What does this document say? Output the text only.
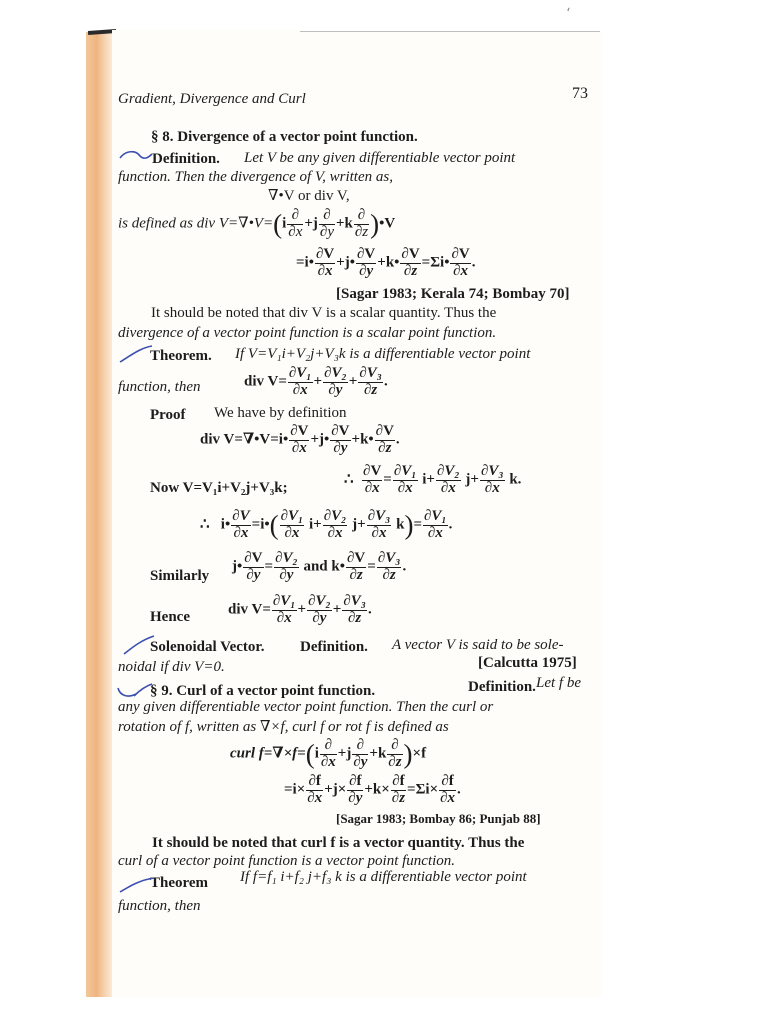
‘
Gradient, Divergence and Curl	73
§ 8. Divergence of a vector point function.
Definition. Let V be any given differentiable vector point
function. Then the divergence of V, written as,
∇•V or div V,
is defined as div V=∇•V=(i $\frac{\partial}{\partial x} +j \frac{\partial}{\partial y} +k \frac{\partial}{\partial z}$ )•V
=i• $\frac{\partial V}{\partial x}$ +j• $\frac{\partial V}{\partial y}$ +k• $\frac{\partial V}{\partial z}$ =Σi• $\frac{\partial V}{\partial x}$ .
[Sagar 1983; Kerala 74; Bombay 70]
It should be noted that div V is a scalar quantity. Thus the
divergence of a vector point function is a scalar point function.
Theorem. If V=V₁i+V₂j+V₃k is a differentiable vector point
function, then	div $V= \frac{\text{∂V₁}}{\partial x} + \frac{\text{∂V₂}}{\partial y} + \frac{\text{∂V₃}}{\partial z}$ .
Proof We have by definition
div V=∇•V=i• $\frac{\partial V}{\partial x}$ +j• $\frac{\partial V}{\partial y}$ +k• $\frac{\partial V}{\partial z}$ .
Now V=V₁i+V₂j+V₃k;
∴ $\frac{\partial V}{\partial x} = \frac{\text{∂V₁}}{\partial x} i+ \frac{\text{∂V₂}}{\partial x} j+ \frac{\text{∂V₃}}{\partial x} k$.
∴ i• $\frac{\partial V}{\partial x}$ =i•( $\frac{\text{∂V₁}}{\partial x} i+ \frac{\text{∂V₂}}{\partial x} j+ \frac{\text{∂V₃}}{\partial x} k)= \frac{\text{∂V₁}}{\partial x}$ .
Similarly
j• $\frac{\partial V}{\partial y} = \frac{\text{∂V₂}}{\partial y}$ and k• $\frac{\partial V}{\partial z} = \frac{\text{∂V₃}}{\partial z}$ .
Hence	div $V= \frac{\text{∂V₁}}{\partial x} + \frac{\text{∂V₂}}{\partial y} + \frac{\text{∂V₃}}{\partial z}$ .
Solenoidal Vector. Definition. A vector V is said to be sole-
noidal if div V=0.	[Calcutta 1975]
§ 9. Curl of a vector point function.	Definition. Let f be
any given differentiable vector point function. Then the curl or
rotation of f, written as ∇×f, curl f or rot f is defined as
curl $f=\nabla\times f=(i \frac{\partial}{\partial x} +j \frac{\partial}{\partial y} +k \frac{\partial}{\partial z} )\times f$
$=i\times \frac{\partial f}{\partial x} +j\times \frac{\partial f}{\partial y} +k\times \frac{\partial f}{\partial z} =\Sigma i\times \frac{\partial f}{\partial x}$ .
[Sagar 1983; Bombay 86; Punjab 88]
It should be noted that curl f is a vector quantity. Thus the
curl of a vector point function is a vector point function.
Theorem If f=f₁ i+f₂ j+f₃ k is a differentiable vector point
function, then
